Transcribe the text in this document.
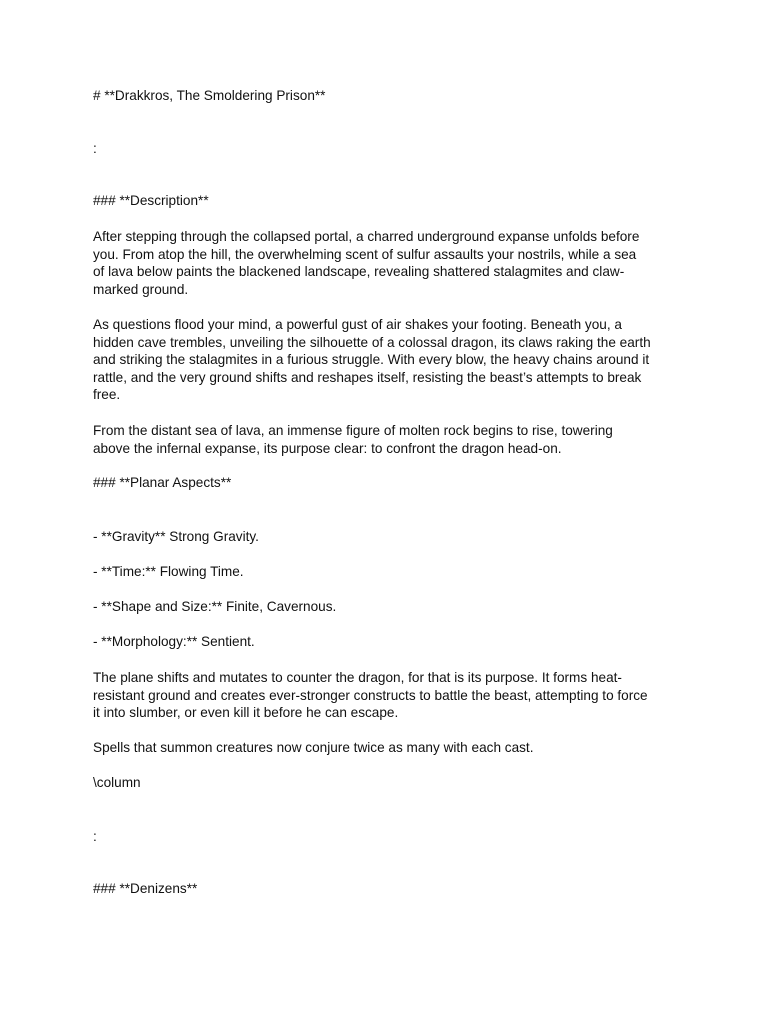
# **Drakkros, The Smoldering Prison**

:

### **Description**

After stepping through the collapsed portal, a charred underground expanse unfolds before
you. From atop the hill, the overwhelming scent of sulfur assaults your nostrils, while a sea
of lava below paints the blackened landscape, revealing shattered stalagmites and claw-
marked ground.
As questions flood your mind, a powerful gust of air shakes your footing. Beneath you, a
hidden cave trembles, unveiling the silhouette of a colossal dragon, its claws raking the earth
and striking the stalagmites in a furious struggle. With every blow, the heavy chains around it
rattle, and the very ground shifts and reshapes itself, resisting the beast’s attempts to break
free.
From the distant sea of lava, an immense figure of molten rock begins to rise, towering
above the infernal expanse, its purpose clear: to confront the dragon head-on.

### **Planar Aspects**

- **Gravity** Strong Gravity.

- **Time:** Flowing Time.

- **Shape and Size:** Finite, Cavernous.

- **Morphology:** Sentient.

The plane shifts and mutates to counter the dragon, for that is its purpose. It forms heat-
resistant ground and creates ever-stronger constructs to battle the beast, attempting to force
it into slumber, or even kill it before he can escape.

Spells that summon creatures now conjure twice as many with each cast.

\column

:

### **Denizens**
